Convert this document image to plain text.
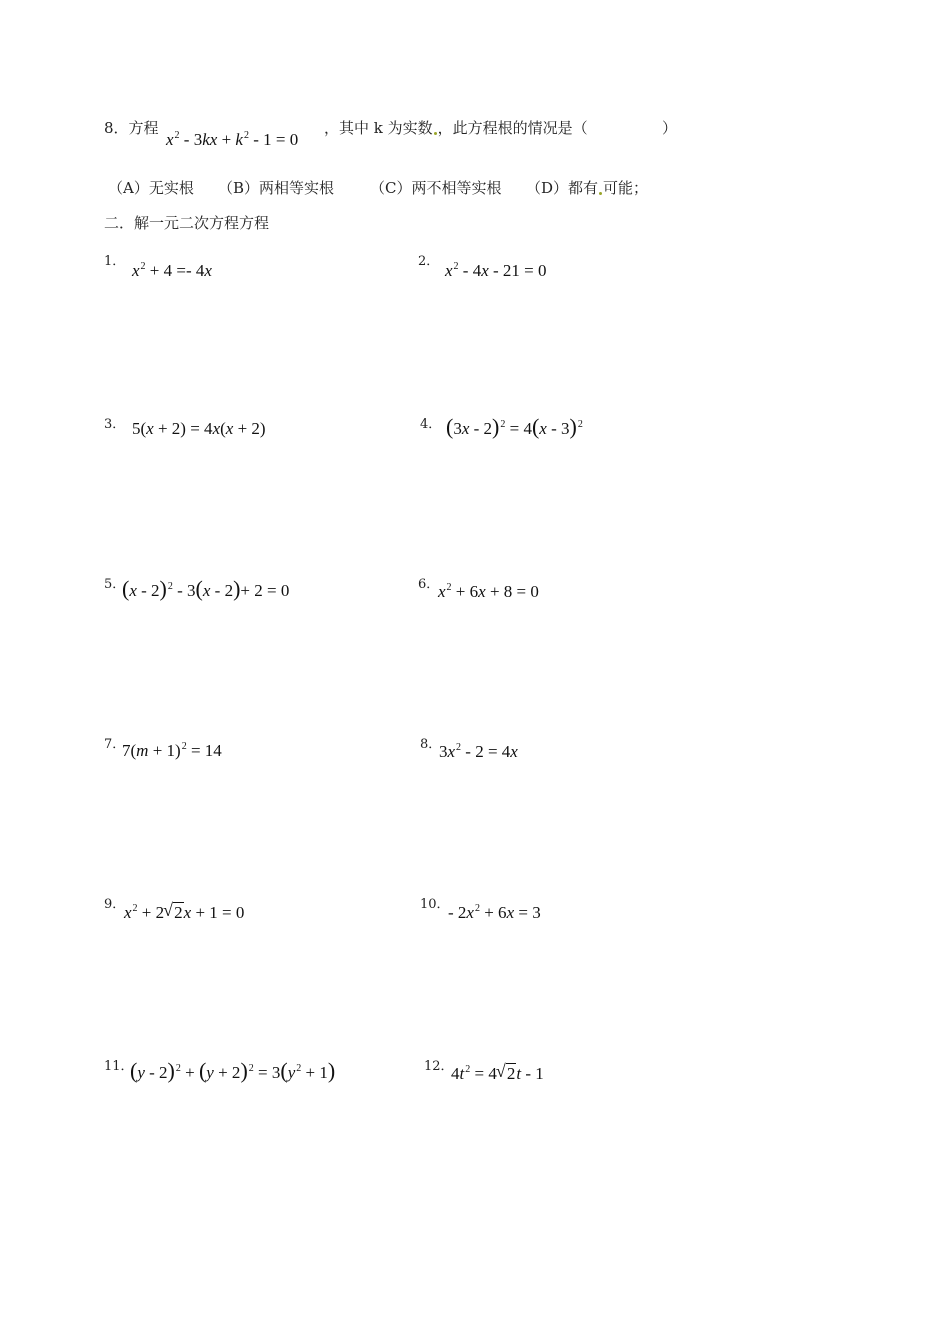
8．方程
$x^2 - 3kx + k^2 - 1 = 0$
，其中 k 为实数 ，此方程根的情况是（	）
（A）无实根 （B）两相等实根 （C）两不相等实根 （D）都有 可能；
二．解一元二次方程方程
1． $x^2 + 4 =- 4x$	2． $x^2 - 4x - 21 = 0$
3． 5(x + 2) = 4x(x + 2)	4． (3x - 2)$^2$ = 4(x - 3)$^2$
5．
(x - 2)$^2$ - 3(x - 2)+ 2 = 0	6．
$x^2 + 6x + 8 = 0$
7．
$7(m + 1)^2 = 14$	8．
$3x^2 - 2 = 4x$
9．
$x^2 + 2√$ 2x + 1 = 0	10．
- $2x^2 + 6x = 3$
11．
$(y - 2)^2 + (y + 2)^2 = 3(y^2 + 1)$	12．
$4t^2 = 4√$ 2t - 1
